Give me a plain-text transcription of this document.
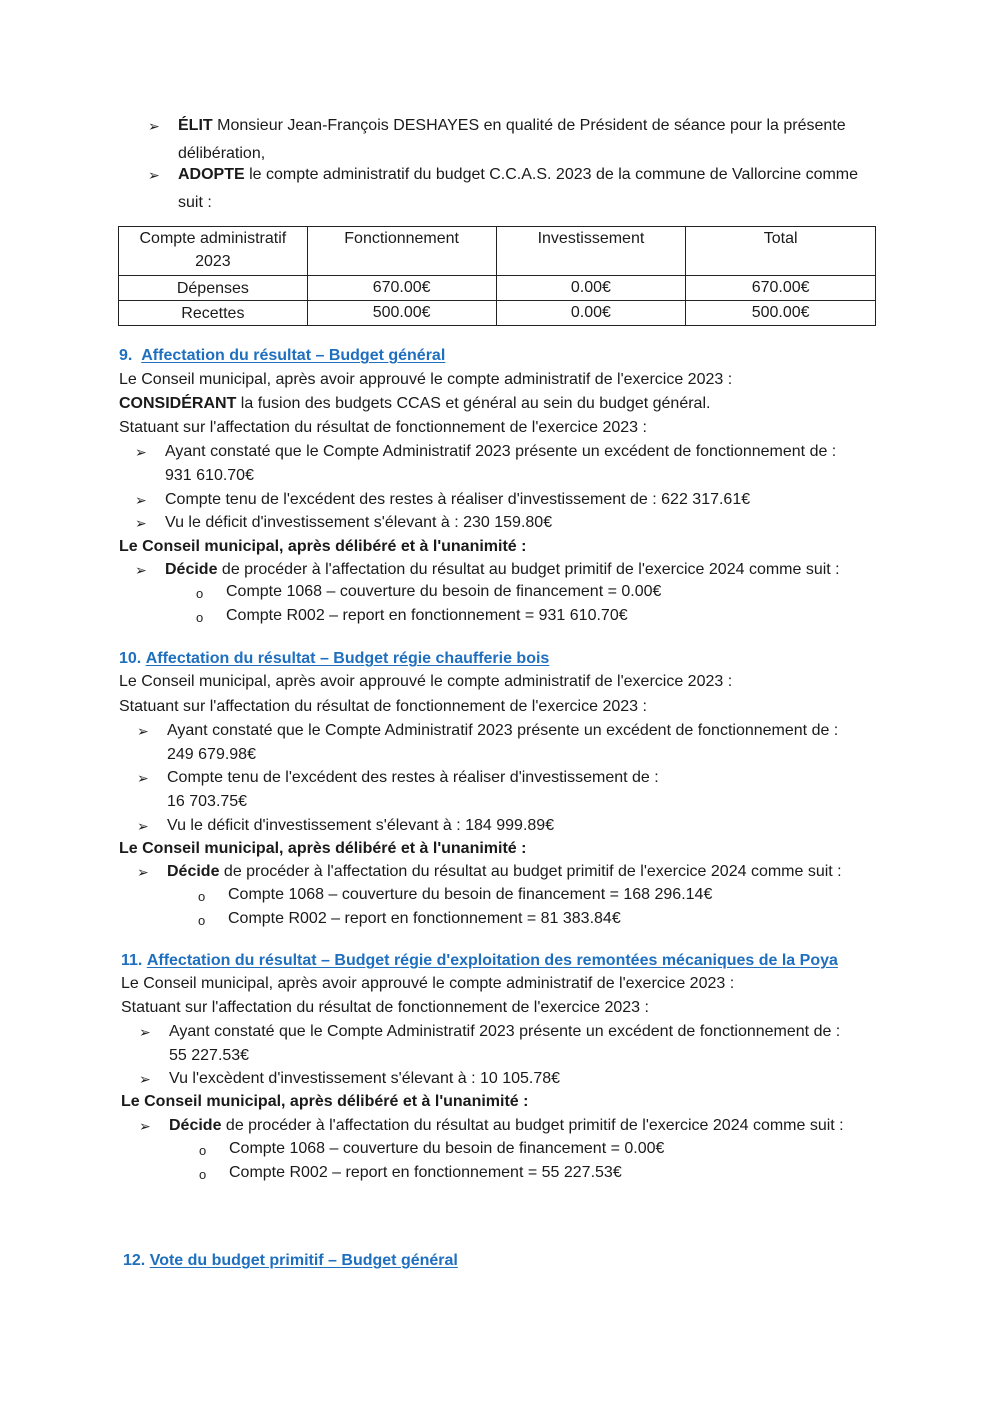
➢ ÉLIT Monsieur Jean-François DESHAYES en qualité de Président de séance pour la présente
délibération,
➢ ADOPTE le compte administratif du budget C.C.A.S. 2023 de la commune de Vallorcine comme
suit :
Compte administratif
2023	Fonctionnement	Investissement	Total
Dépenses	670.00€	0.00€	670.00€
Recettes	500.00€	0.00€	500.00€
9. Affectation du résultat – Budget général
Le Conseil municipal, après avoir approuvé le compte administratif de l'exercice 2023 :
CONSIDÉRANT la fusion des budgets CCAS et général au sein du budget général.
Statuant sur l'affectation du résultat de fonctionnement de l'exercice 2023 :
➢ Ayant constaté que le Compte Administratif 2023 présente un excédent de fonctionnement de :
931 610.70€
➢ Compte tenu de l'excédent des restes à réaliser d'investissement de : 622 317.61€
➢ Vu le déficit d'investissement s'élevant à : 230 159.80€
Le Conseil municipal, après délibéré et à l'unanimité :
➢ Décide de procéder à l'affectation du résultat au budget primitif de l'exercice 2024 comme suit :
o Compte 1068 – couverture du besoin de financement = 0.00€
o Compte R002 – report en fonctionnement = 931 610.70€
10. Affectation du résultat – Budget régie chaufferie bois
Le Conseil municipal, après avoir approuvé le compte administratif de l'exercice 2023 :
Statuant sur l'affectation du résultat de fonctionnement de l'exercice 2023 :
➢ Ayant constaté que le Compte Administratif 2023 présente un excédent de fonctionnement de :
249 679.98€
➢ Compte tenu de l'excédent des restes à réaliser d'investissement de :
16 703.75€
➢ Vu le déficit d'investissement s'élevant à : 184 999.89€
Le Conseil municipal, après délibéré et à l'unanimité :
➢ Décide de procéder à l'affectation du résultat au budget primitif de l'exercice 2024 comme suit :
o Compte 1068 – couverture du besoin de financement = 168 296.14€
o Compte R002 – report en fonctionnement = 81 383.84€
11. Affectation du résultat – Budget régie d'exploitation des remontées mécaniques de la Poya
Le Conseil municipal, après avoir approuvé le compte administratif de l'exercice 2023 :
Statuant sur l'affectation du résultat de fonctionnement de l'exercice 2023 :
➢ Ayant constaté que le Compte Administratif 2023 présente un excédent de fonctionnement de :
55 227.53€
➢ Vu l'excèdent d'investissement s'élevant à : 10 105.78€
Le Conseil municipal, après délibéré et à l'unanimité :
➢ Décide de procéder à l'affectation du résultat au budget primitif de l'exercice 2024 comme suit :
o Compte 1068 – couverture du besoin de financement = 0.00€
o Compte R002 – report en fonctionnement = 55 227.53€
12. Vote du budget primitif – Budget général
